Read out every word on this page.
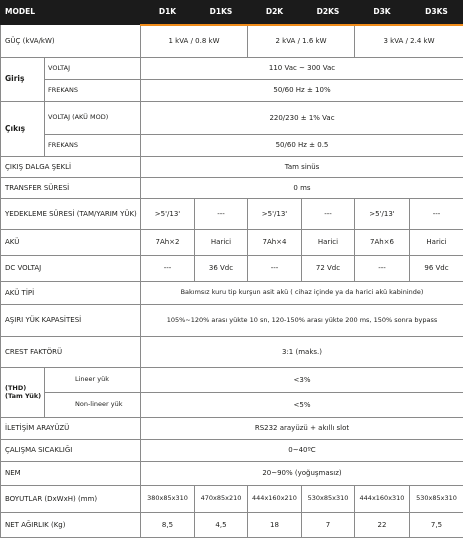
MODEL		D1K	D1KS	D2K	D2KS	D3K	D3KS
GÜÇ (kVA/kW)		1 kVA / 0.8 kW		2 kVA / 1.6 kW		3 kVA / 2.4 kW	
Giriş	VOLTAJ	110 Vac ~ 300 Vac					
	FREKANS	50/60 Hz ± 10%					
Çıkış	VOLTAJ (AKÜ MOD)	220/230 ± 1% Vac					
	FREKANS	50/60 Hz ± 0.5					
ÇIKIŞ DALGA ŞEKLİ		Tam sinüs					
TRANSFER SÜRESİ		0 ms					
YEDEKLEME SÜRESİ (TAM/YARIM YÜK)		>5'/13'	---	>5'/13'	---	>5'/13'	---
AKÜ		7Ah×2	Harici	7Ah×4	Harici	7Ah×6	Harici
DC VOLTAJ		---	36 Vdc	---	72 Vdc	---	96 Vdc
AKÜ TİPİ		Bakımsız kuru tip kurşun asit akü ( cihaz içinde ya da harici akü kabininde)					
AŞIRI YÜK KAPASİTESİ		105%~120% arası yükte 10 sn, 120-150% arası yükte 200 ms, 150% sonra bypass					
CREST FAKTÖRÜ		3:1 (maks.)					
(THD) (Tam Yük)	Lineer yük	<3%					
	Non-lineer yük	<5%					
İLETİŞİM ARAYÜZÜ		RS232 arayüzü + akıllı slot					
ÇALIŞMA SICAKLIĞI		0~40ºC					
NEM		20~90% (yoğuşmasız)					
BOYUTLAR (DxWxH) (mm)		380x85x310	470x85x210	444x160x210	530x85x310	444x160x310	530x85x310
NET AĞIRLIK (Kg)		8,5	4,5	18	7	22	7,5
